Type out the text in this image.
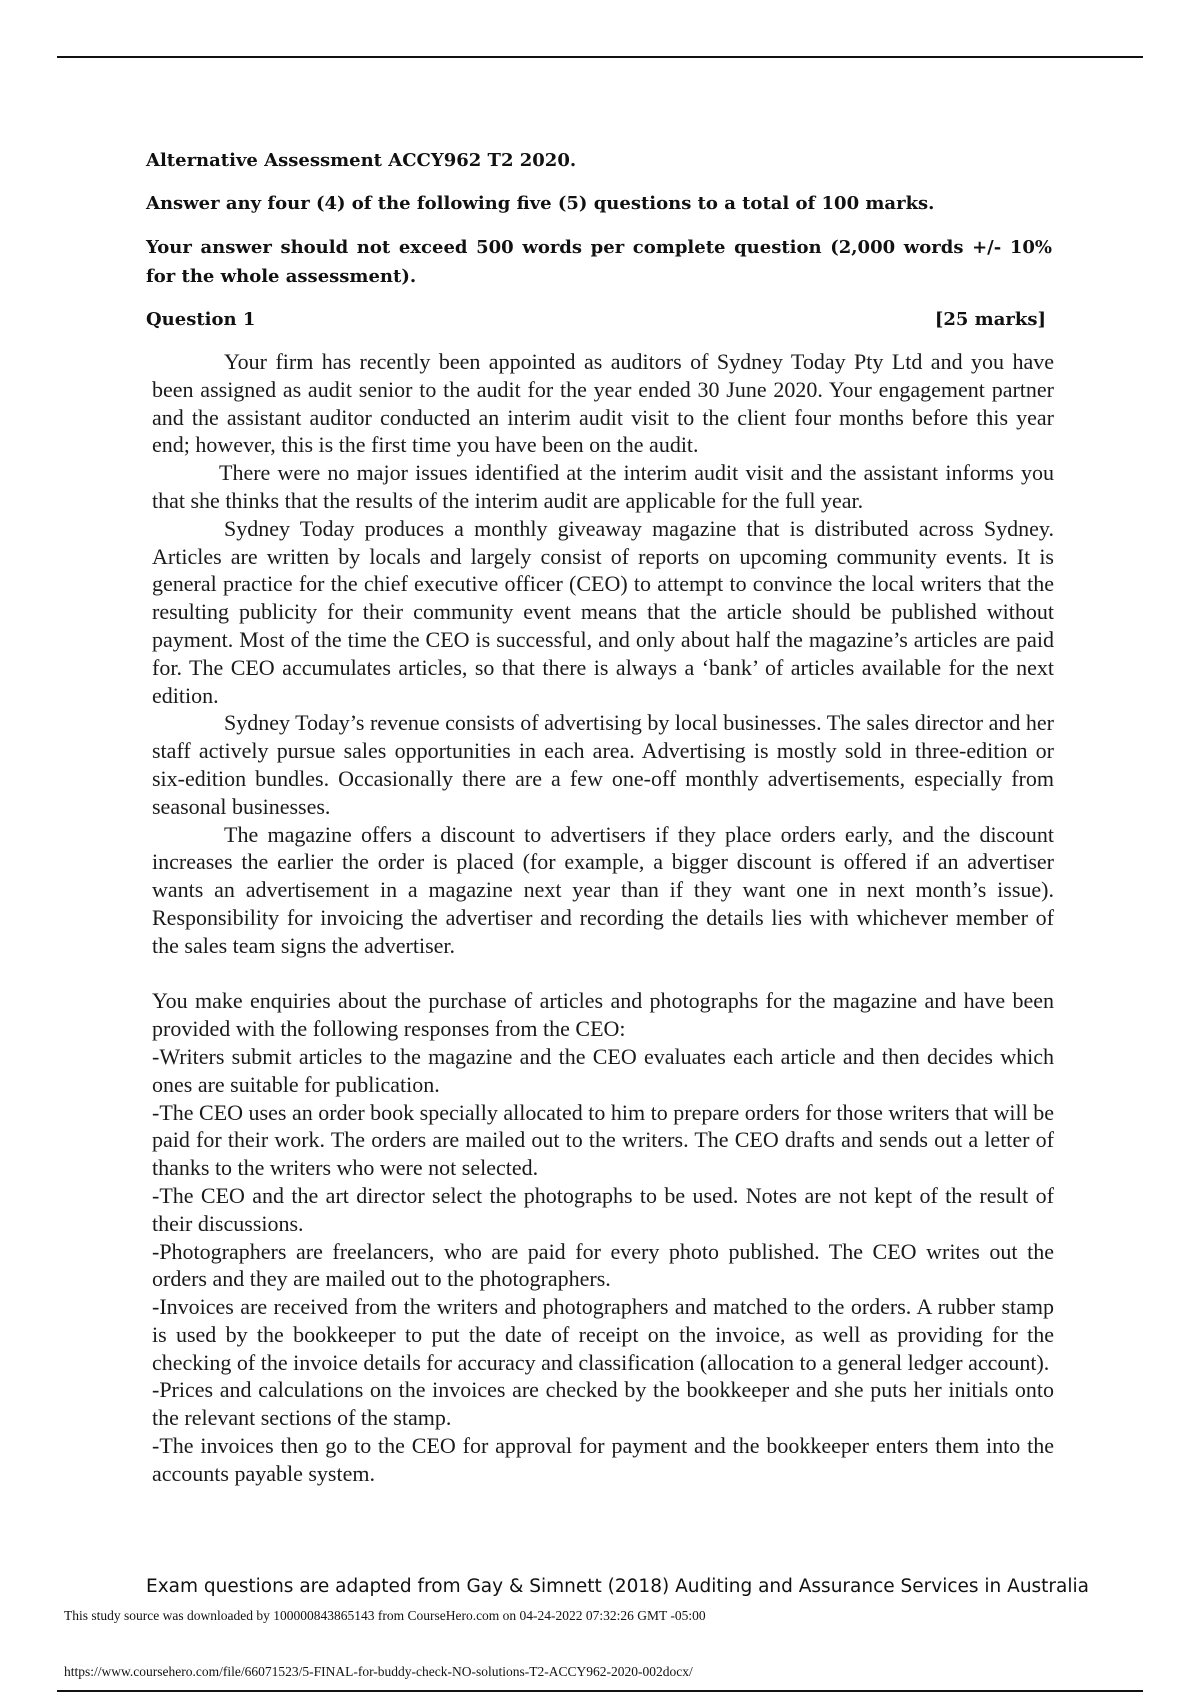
Alternative Assessment ACCY962 T2 2020.
Answer any four (4) of the following five (5) questions to a total of 100 marks.
Your answer should not exceed 500 words per complete question (2,000 words +/- 10% for the whole assessment).
Question 1	[25 marks]

Your firm has recently been appointed as auditors of Sydney Today Pty Ltd and you have been assigned as audit senior to the audit for the year ended 30 June 2020. Your engagement partner and the assistant auditor conducted an interim audit visit to the client four months before this year end; however, this is the first time you have been on the audit.

There were no major issues identified at the interim audit visit and the assistant informs you that she thinks that the results of the interim audit are applicable for the full year.

Sydney Today produces a monthly giveaway magazine that is distributed across Sydney. Articles are written by locals and largely consist of reports on upcoming community events. It is general practice for the chief executive officer (CEO) to attempt to convince the local writers that the resulting publicity for their community event means that the article should be published without payment. Most of the time the CEO is successful, and only about half the magazine’s articles are paid for. The CEO accumulates articles, so that there is always a ‘bank’ of articles available for the next edition.

Sydney Today’s revenue consists of advertising by local businesses. The sales director and her staff actively pursue sales opportunities in each area. Advertising is mostly sold in three-edition or six-edition bundles. Occasionally there are a few one-off monthly advertisements, especially from seasonal businesses.

The magazine offers a discount to advertisers if they place orders early, and the discount increases the earlier the order is placed (for example, a bigger discount is offered if an advertiser wants an advertisement in a magazine next year than if they want one in next month’s issue). Responsibility for invoicing the advertiser and recording the details lies with whichever member of the sales team signs the advertiser.

You make enquiries about the purchase of articles and photographs for the magazine and have been provided with the following responses from the CEO:

-Writers submit articles to the magazine and the CEO evaluates each article and then decides which ones are suitable for publication.

-The CEO uses an order book specially allocated to him to prepare orders for those writers that will be paid for their work. The orders are mailed out to the writers. The CEO drafts and sends out a letter of thanks to the writers who were not selected.

-The CEO and the art director select the photographs to be used. Notes are not kept of the result of their discussions.

-Photographers are freelancers, who are paid for every photo published. The CEO writes out the orders and they are mailed out to the photographers.

-Invoices are received from the writers and photographers and matched to the orders. A rubber stamp is used by the bookkeeper to put the date of receipt on the invoice, as well as providing for the checking of the invoice details for accuracy and classification (allocation to a general ledger account).

-Prices and calculations on the invoices are checked by the bookkeeper and she puts her initials onto the relevant sections of the stamp.

-The invoices then go to the CEO for approval for payment and the bookkeeper enters them into the accounts payable system.

Exam questions are adapted from Gay & Simnett (2018) Auditing and Assurance Services in Australia
This study source was downloaded by 100000843865143 from CourseHero.com on 04-24-2022 07:32:26 GMT -05:00
https://www.coursehero.com/file/66071523/5-FINAL-for-buddy-check-NO-solutions-T2-ACCY962-2020-002docx/
